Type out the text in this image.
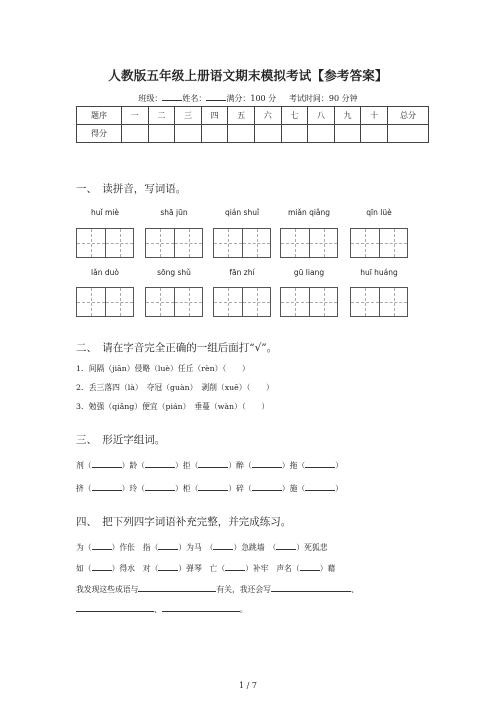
人教版五年级上册语文期末模拟考试【参考答案】
班级：	姓名：	满分：100 分 考试时间：90 分钟
题序	一	二	三	四	五	六	七	八	九	十	总分
得分											
一、　读拼音，写词语。
huǐ miè	shā jūn	qián shuǐ	miǎn qiǎng	qīn lüè
lǎn duò	sōng shǔ	fān zhí	gū liang	huī huáng
二、　请在字音完全正确的一组后面打“√”。
1．间隔（jiān）侵略（luè）任丘（rèn）（　　）
2．丢三落四（là）　夺冠（guàn）　剥削（xuē）（　　）
3．勉强（qiǎng）便宜（pián）　垂蔓（wàn）（　　）
三、　形近字组词。
剂（	）龄（	）拒（	）醉（	）拖（	）
挤（	）玲（	）柜（	）碎（	）施（	）
四、　把下列四字词语补充完整，并完成练习。
为（	）作伥　指（	）为马　（	）急跳墙　（	）死狐悲
如（	）得水　对（	）弹琴　亡（	）补牢　声名（	）藉
我发现这些成语与	有关，我还会写	、
、	。
1 / 7
